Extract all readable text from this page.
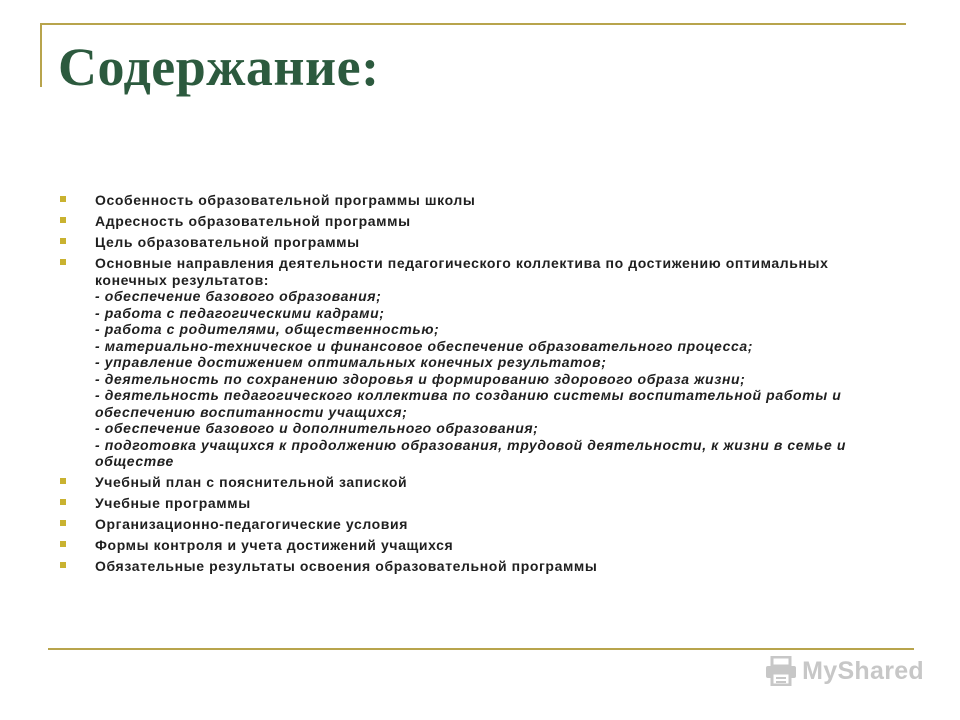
Содержание:
Особенность образовательной программы школы
Адресность образовательной программы
Цель образовательной программы
Основные направления деятельности педагогического коллектива по достижению оптимальных конечных результатов:
- обеспечение базового образования;
- работа с педагогическими кадрами;
- работа с родителями, общественностью;
- материально-техническое и финансовое обеспечение образовательного процесса;
- управление достижением оптимальных конечных результатов;
- деятельность по сохранению здоровья и формированию здорового образа жизни;
- деятельность педагогического коллектива по созданию системы воспитательной работы и обеспечению воспитанности учащихся;
- обеспечение базового и дополнительного образования;
- подготовка учащихся к продолжению образования, трудовой деятельности, к жизни в семье и обществе
Учебный план с пояснительной запиской
Учебные программы
Организационно-педагогические условия
Формы контроля и учета достижений учащихся
Обязательные результаты освоения образовательной программы
MyShared
